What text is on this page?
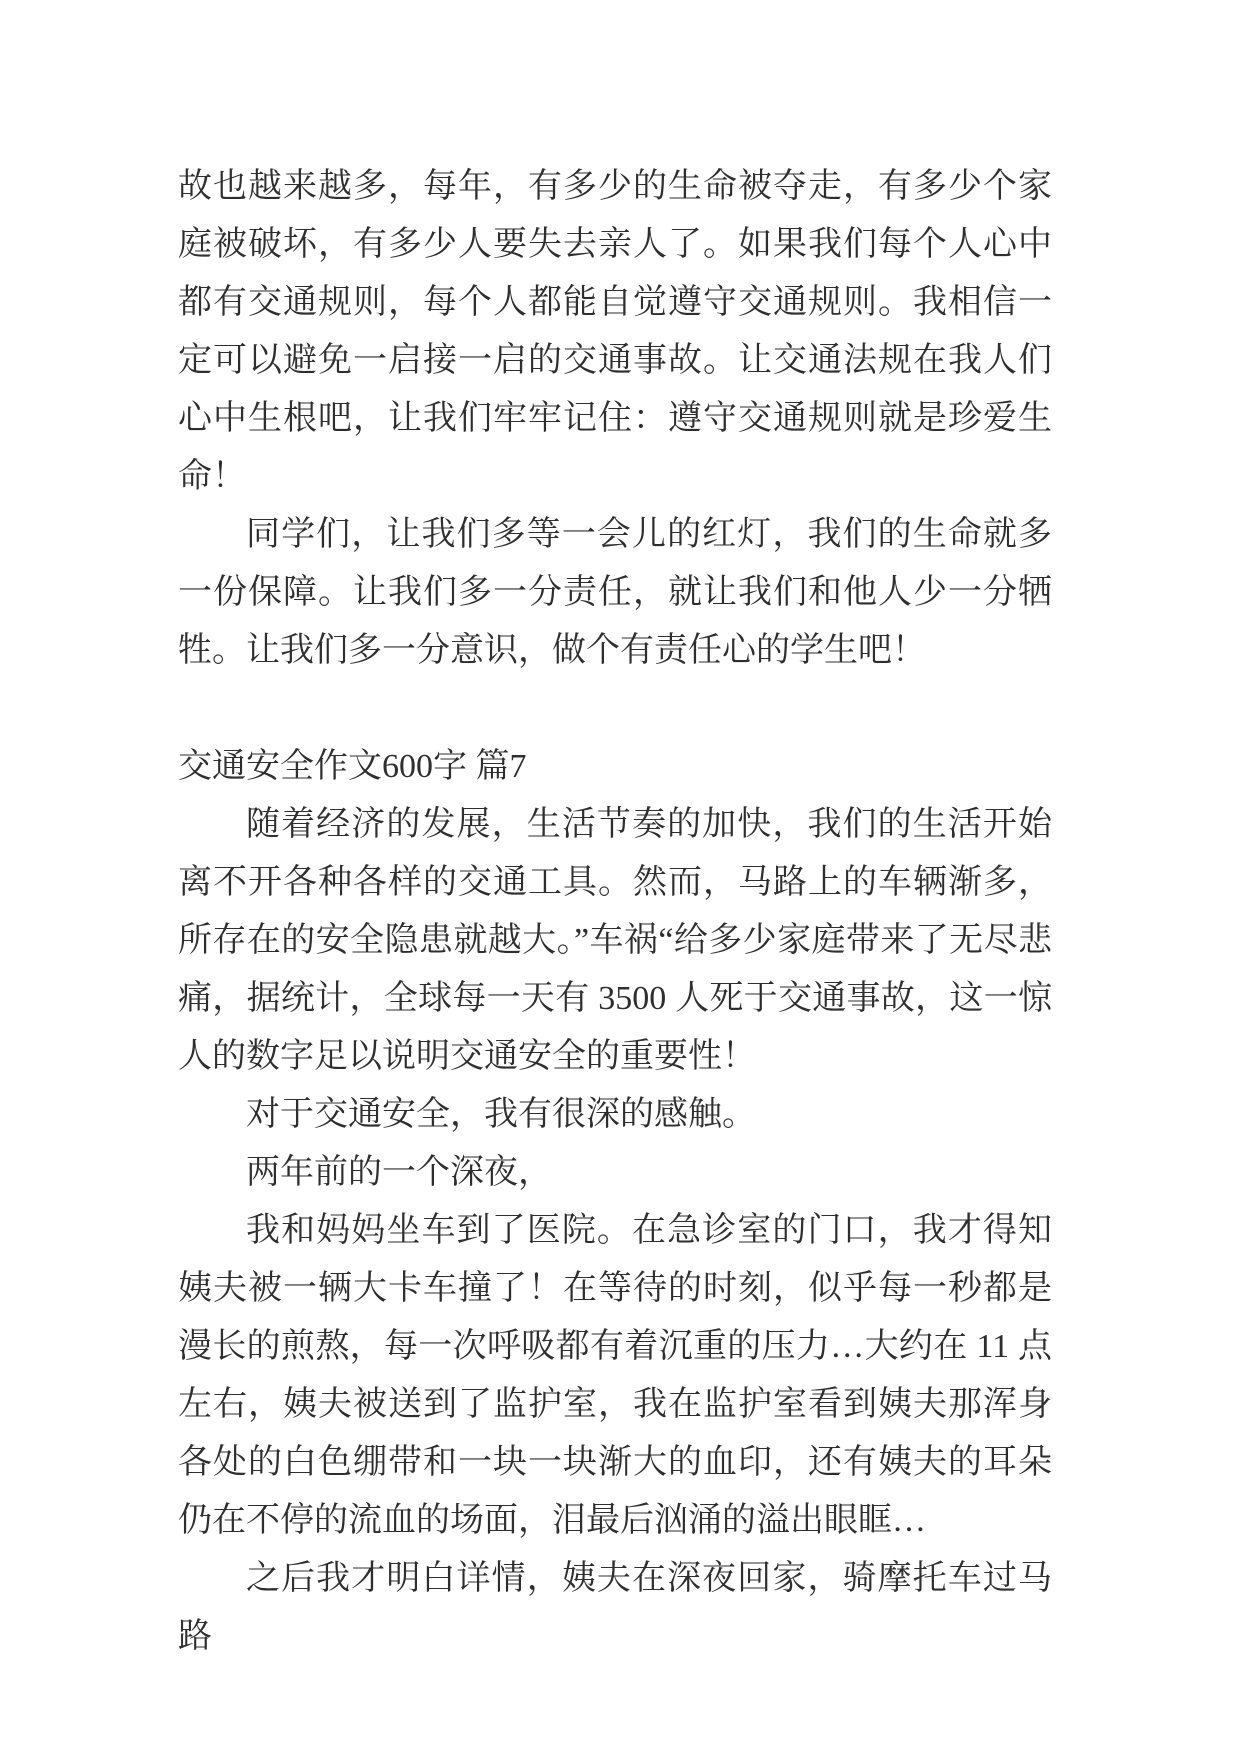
故也越来越多，每年，有多少的生命被夺走，有多少个家庭被破坏，有多少人要失去亲人了。如果我们每个人心中都有交通规则，每个人都能自觉遵守交通规则。我相信一定可以避免一启接一启的交通事故。让交通法规在我人们心中生根吧，让我们牢牢记住：遵守交通规则就是珍爱生命！

同学们，让我们多等一会儿的红灯，我们的生命就多一份保障。让我们多一分责任，就让我们和他人少一分牺牲。让我们多一分意识，做个有责任心的学生吧！

交通安全作文600字 篇7

随着经济的发展，生活节奏的加快，我们的生活开始离不开各种各样的交通工具。然而，马路上的车辆渐多，所存在的安全隐患就越大。”车祸“给多少家庭带来了无尽悲痛，据统计，全球每一天有 3500 人死于交通事故，这一惊人的数字足以说明交通安全的重要性！

对于交通安全，我有很深的感触。

两年前的一个深夜，

我和妈妈坐车到了医院。在急诊室的门口，我才得知姨夫被一辆大卡车撞了！在等待的时刻，似乎每一秒都是漫长的煎熬，每一次呼吸都有着沉重的压力…大约在 11 点左右，姨夫被送到了监护室，我在监护室看到姨夫那浑身各处的白色绷带和一块一块渐大的血印，还有姨夫的耳朵仍在不停的流血的场面，泪最后汹涌的溢出眼眶…

之后我才明白详情，姨夫在深夜回家，骑摩托车过马路
